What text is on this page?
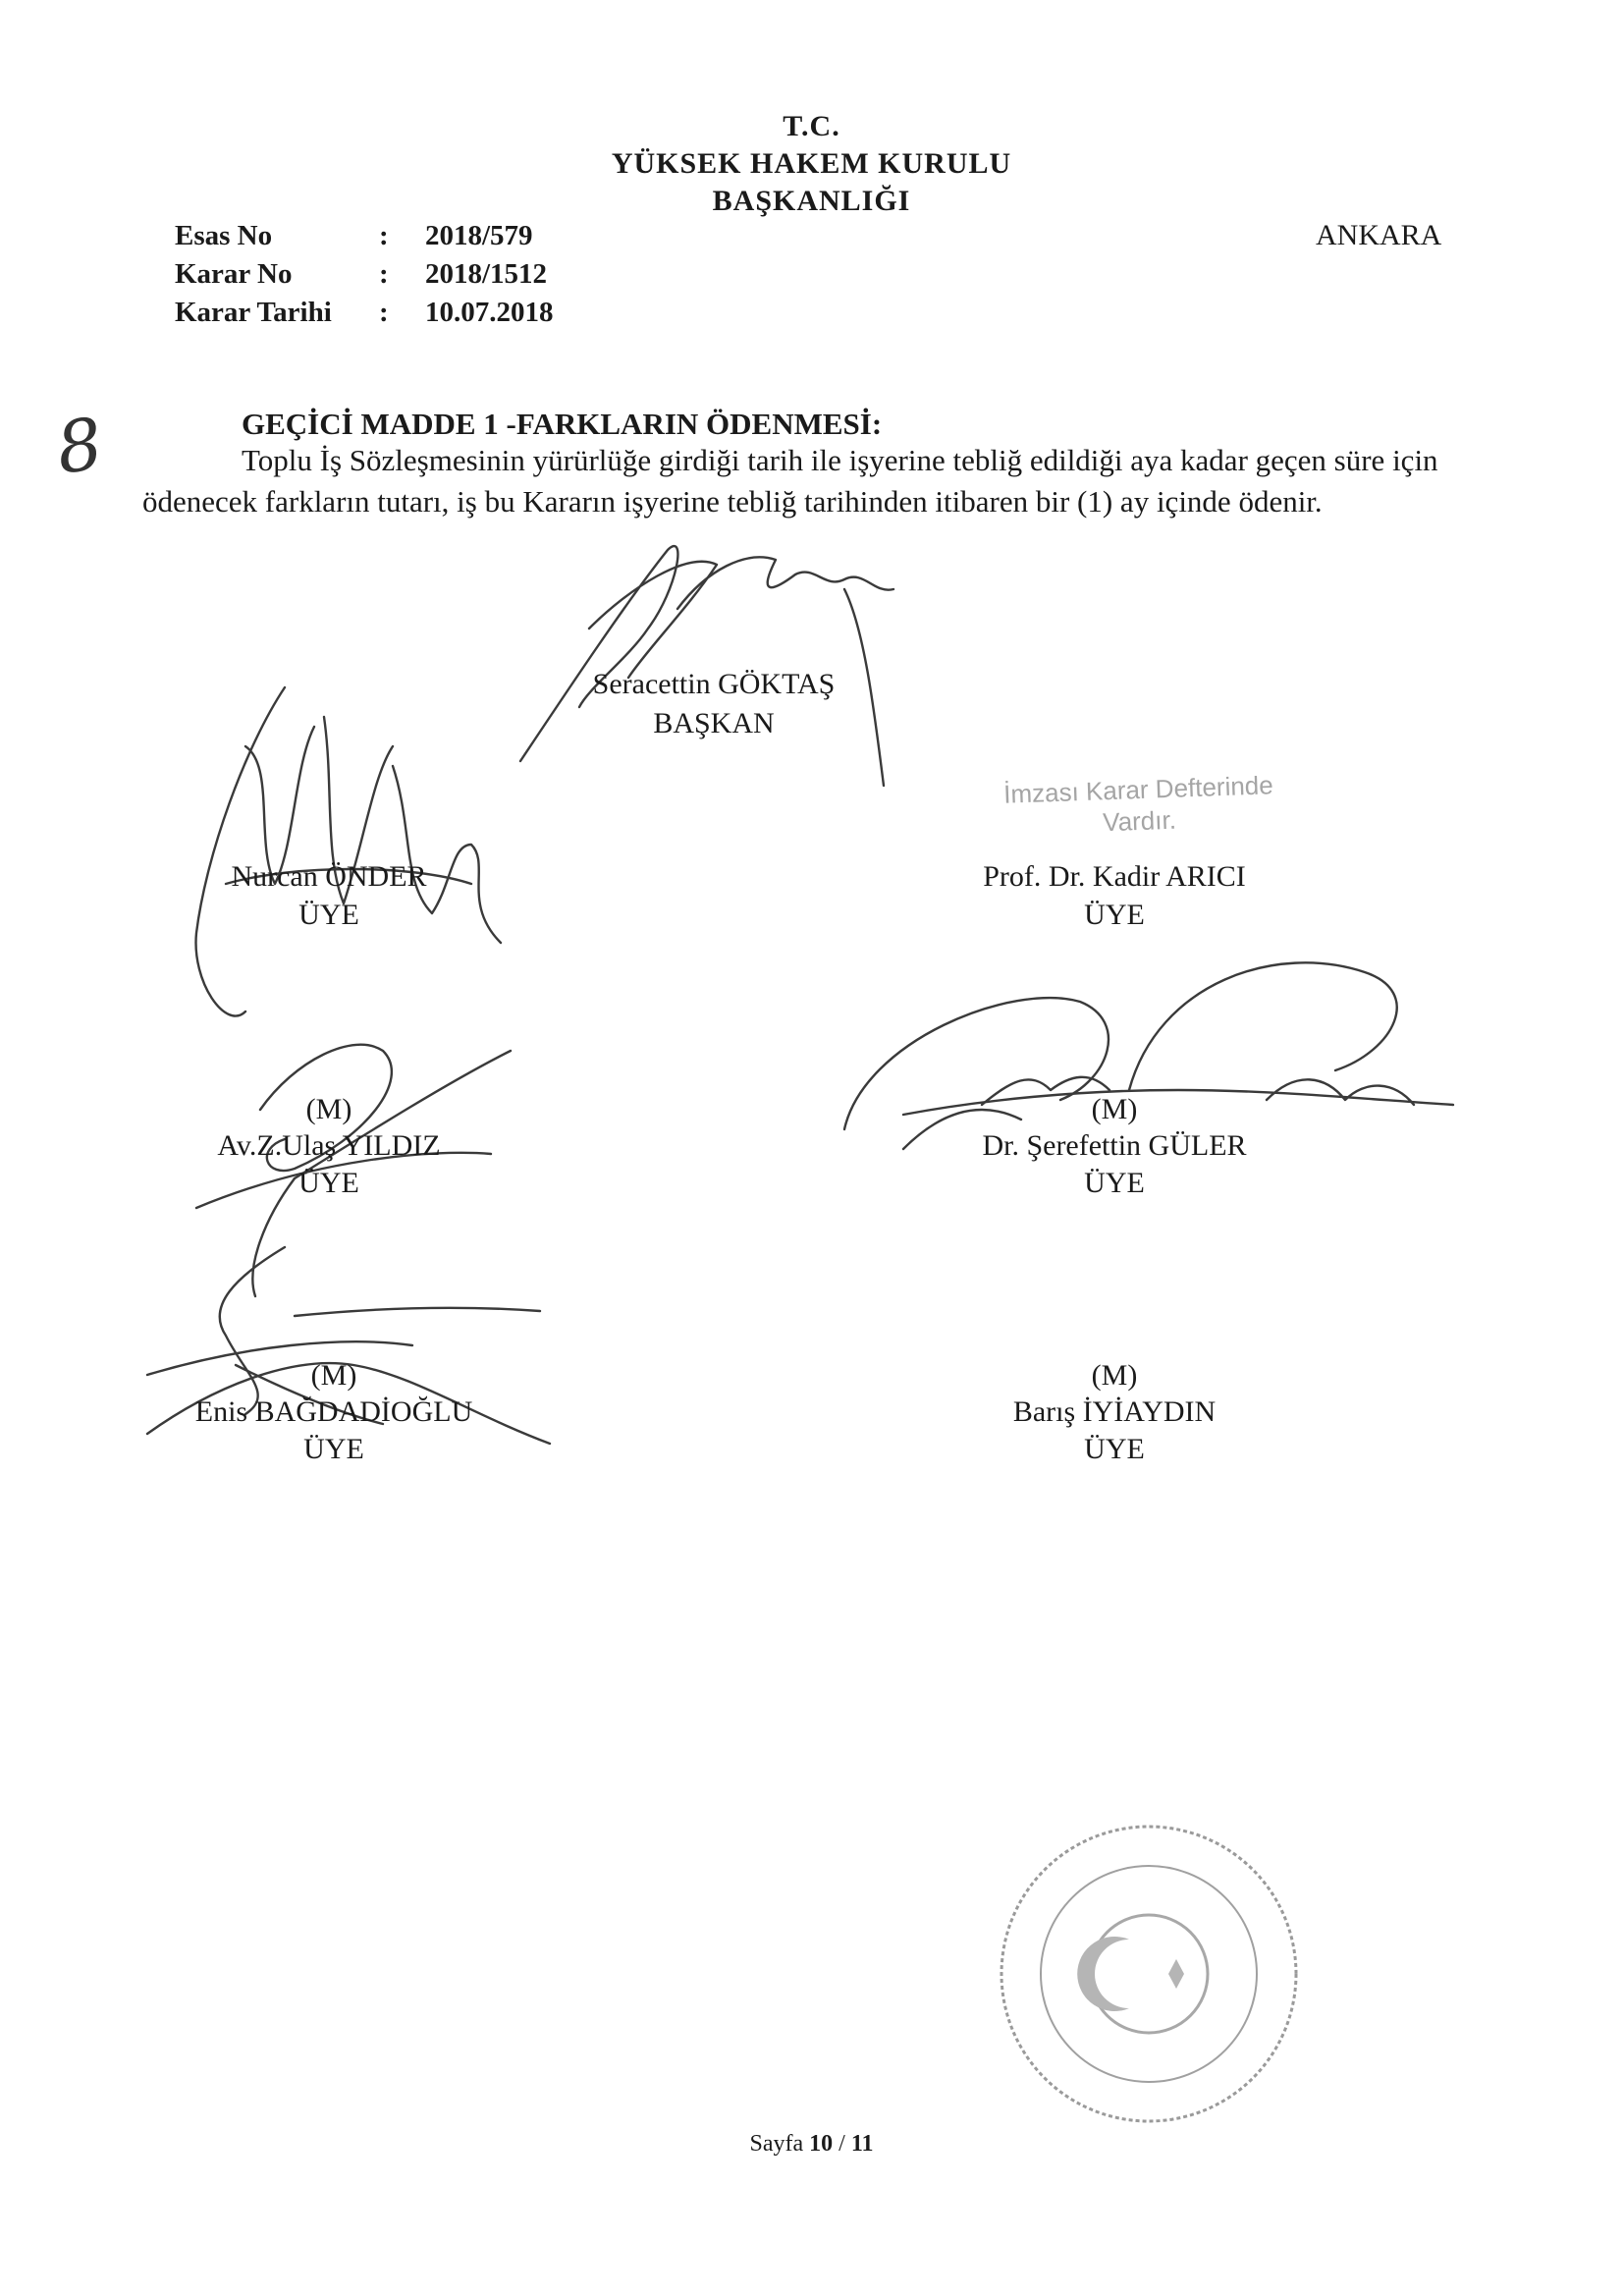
T.C.
YÜKSEK HAKEM KURULU
BAŞKANLIĞI
ANKARA
Esas No	: 2018/579
Karar No	: 2018/1512
Karar Tarihi : 10.07.2018
8	GEÇİCİ MADDE 1 -FARKLARIN ÖDENMESİ:
Toplu İş Sözleşmesinin yürürlüğe girdiği tarih ile işyerine tebliğ edildiği aya kadar geçen süre için
ödenecek farkların tutarı, iş bu Kararın işyerine tebliğ tarihinden itibaren bir (1) ay içinde ödenir.
İmzası Karar Defterinde Vardır.
Seracettin GÖKTAŞ
BAŞKAN
Nurcan ÖNDER
ÜYE
Prof. Dr. Kadir ARICI
ÜYE
(M)
Av.Z.Ulaş YILDIZ
ÜYE
(M)
Dr. Şerefettin GÜLER
ÜYE
(M)
Enis BAĞDADİOĞLU
ÜYE
(M)
Barış İYİAYDIN
ÜYE
Sayfa 10 / 11
